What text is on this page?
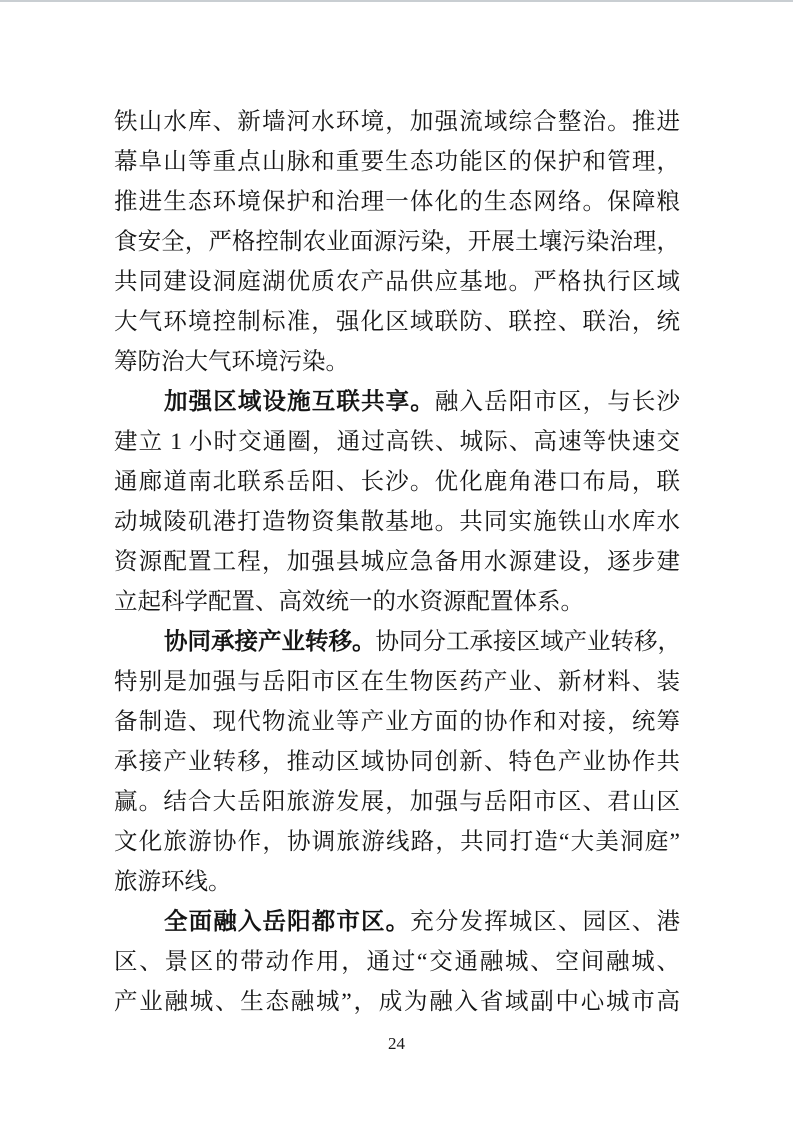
铁山水库、新墙河水环境，加强流域综合整治。推进
幕阜山等重点山脉和重要生态功能区的保护和管理，
推进生态环境保护和治理一体化的生态网络。保障粮
食安全，严格控制农业面源污染，开展土壤污染治理，
共同建设洞庭湖优质农产品供应基地。严格执行区域
大气环境控制标准，强化区域联防、联控、联治，统
筹防治大气环境污染。
加强区域设施互联共享。融入岳阳市区，与长沙
建立 1 小时交通圈，通过高铁、城际、高速等快速交
通廊道南北联系岳阳、长沙。优化鹿角港口布局，联
动城陵矶港打造物资集散基地。共同实施铁山水库水
资源配置工程，加强县城应急备用水源建设，逐步建
立起科学配置、高效统一的水资源配置体系。
协同承接产业转移。协同分工承接区域产业转移，
特别是加强与岳阳市区在生物医药产业、新材料、装
备制造、现代物流业等产业方面的协作和对接，统筹
承接产业转移，推动区域协同创新、特色产业协作共
赢。结合大岳阳旅游发展，加强与岳阳市区、君山区
文化旅游协作，协调旅游线路，共同打造“大美洞庭”
旅游环线。
全面融入岳阳都市区。充分发挥城区、园区、港
区、景区的带动作用，通过“交通融城、空间融城、
产业融城、生态融城”，成为融入省域副中心城市高
24
